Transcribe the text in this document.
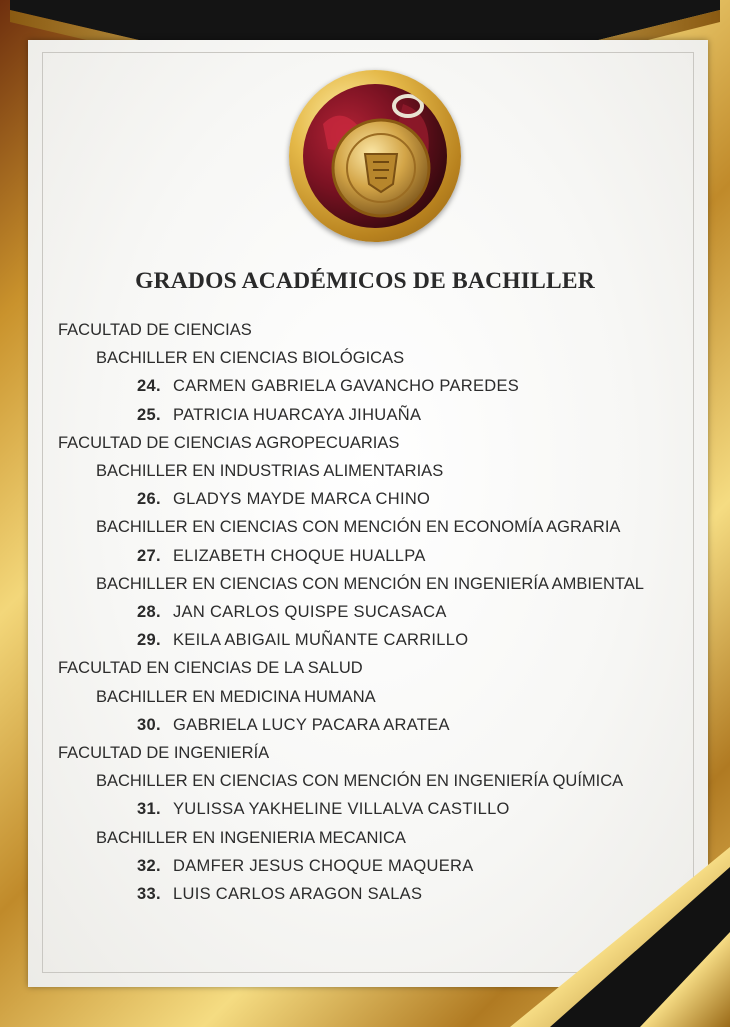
GRADOS ACADÉMICOS DE BACHILLER
FACULTAD DE CIENCIAS
BACHILLER EN CIENCIAS BIOLÓGICAS
24. CARMEN GABRIELA GAVANCHO PAREDES
25. PATRICIA HUARCAYA JIHUAÑA
FACULTAD DE CIENCIAS AGROPECUARIAS
BACHILLER EN INDUSTRIAS ALIMENTARIAS
26. GLADYS MAYDE MARCA CHINO
BACHILLER EN CIENCIAS CON MENCIÓN EN ECONOMÍA AGRARIA
27. ELIZABETH CHOQUE HUALLPA
BACHILLER EN CIENCIAS CON MENCIÓN EN INGENIERÍA AMBIENTAL
28. JAN CARLOS QUISPE SUCASACA
29. KEILA ABIGAIL MUÑANTE CARRILLO
FACULTAD EN CIENCIAS DE LA SALUD
BACHILLER EN MEDICINA HUMANA
30. GABRIELA LUCY PACARA ARATEA
FACULTAD DE INGENIERÍA
BACHILLER EN CIENCIAS CON MENCIÓN EN INGENIERÍA QUÍMICA
31. YULISSA YAKHELINE VILLALVA CASTILLO
BACHILLER EN INGENIERIA MECANICA
32. DAMFER JESUS CHOQUE MAQUERA
33. LUIS CARLOS ARAGON SALAS
